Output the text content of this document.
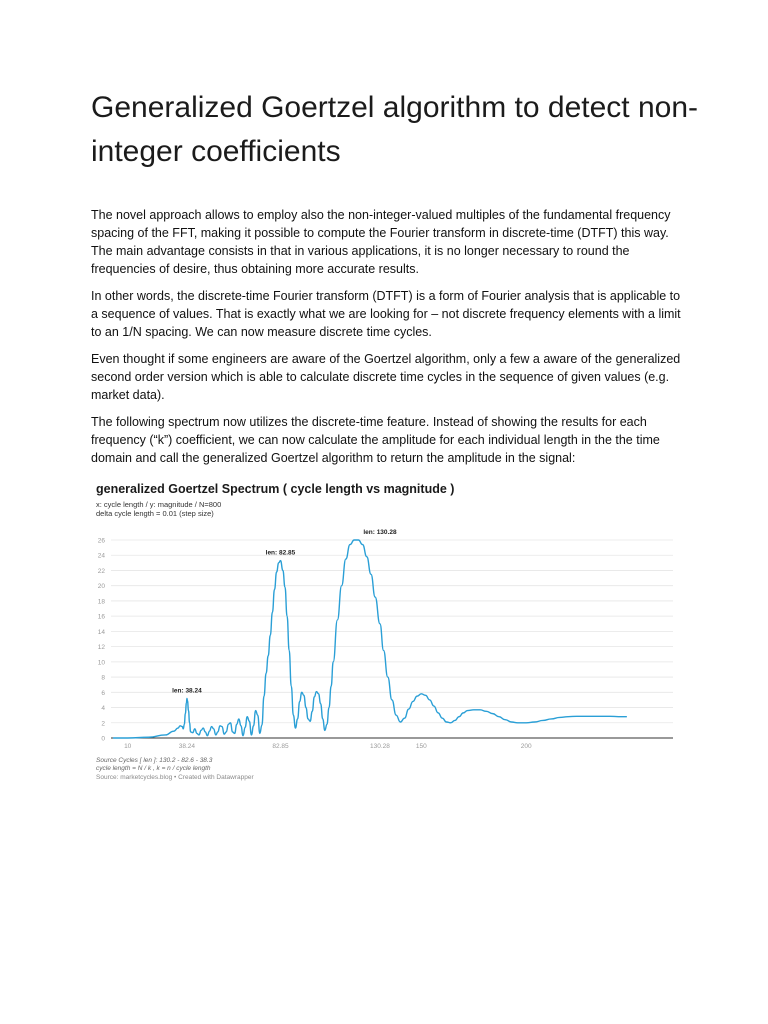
Generalized Goertzel algorithm to detect non-integer coefficients

The novel approach allows to employ also the non-integer-valued multiples of the fundamental frequency spacing of the FFT, making it possible to compute the Fourier transform in discrete-time (DTFT) this way. The main advantage consists in that in various applications, it is no longer necessary to round the frequencies of desire, thus obtaining more accurate results.

In other words, the discrete-time Fourier transform (DTFT) is a form of Fourier analysis that is applicable to a sequence of values. That is exactly what we are looking for – not discrete frequency elements with a limit to an 1/N spacing. We can now measure discrete time cycles.

Even thought if some engineers are aware of the Goertzel algorithm, only a few a aware of the generalized second order version which is able to calculate discrete time cycles in the sequence of given values (e.g. market data).

The following spectrum now utilizes the discrete-time feature. Instead of showing the results for each frequency (“k”) coefficient, we can now calculate the amplitude for each individual length in the the time domain and call the generalized Goertzel algorithm to return the amplitude in the signal:

generalized Goertzel Spectrum ( cycle length vs magnitude )
x: cycle length / y: magnitude / N=800
delta cycle length = 0.01 (step size)
0
2
4
6
8
10
12
14
16
18
20
22
24
26
10	38.24	82.85	130.28	150	200
len: 38.24
len: 82.85
len: 130.28
Source Cycles [ len ]: 130.2 - 82.6 - 38.3
cycle length = N / k , k = n / cycle length
Source: marketcycles.blog • Created with Datawrapper
